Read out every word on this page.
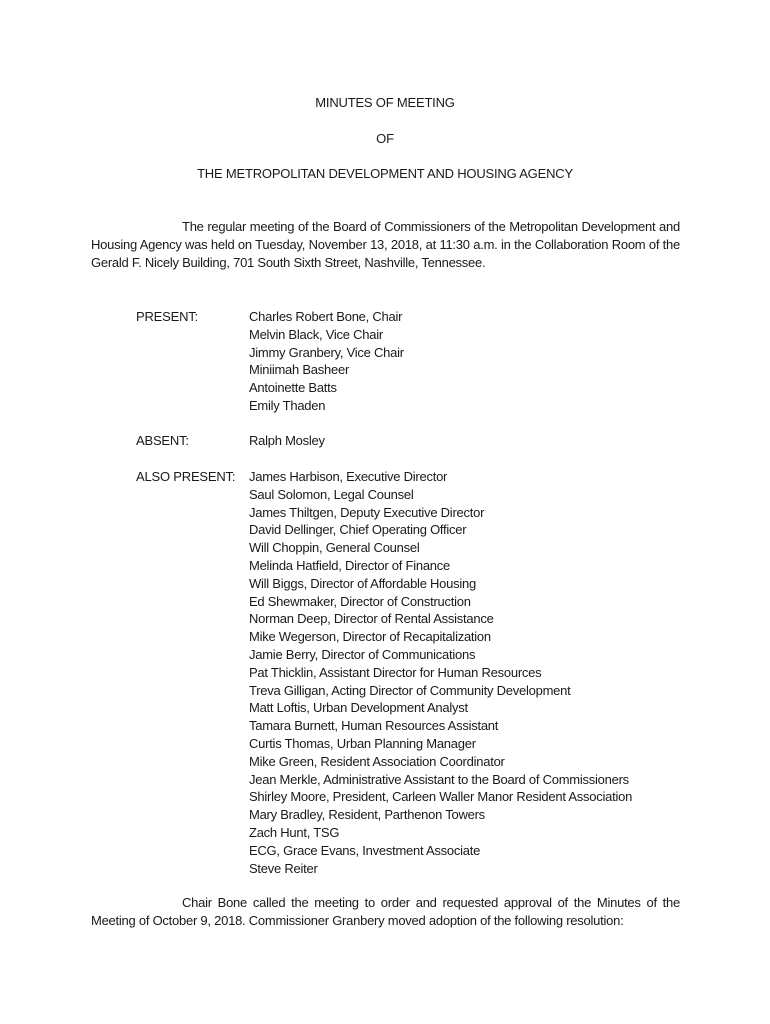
MINUTES OF MEETING
OF
THE METROPOLITAN DEVELOPMENT AND HOUSING AGENCY
The regular meeting of the Board of Commissioners of the Metropolitan Development and Housing Agency was held on Tuesday, November 13, 2018, at 11:30 a.m. in the Collaboration Room of the Gerald F. Nicely Building, 701 South Sixth Street, Nashville, Tennessee.
PRESENT:	Charles Robert Bone, Chair
Melvin Black, Vice Chair
Jimmy Granbery, Vice Chair
Miniimah Basheer
Antoinette Batts
Emily Thaden
ABSENT:	Ralph Mosley
ALSO PRESENT: James Harbison, Executive Director
Saul Solomon, Legal Counsel
James Thiltgen, Deputy Executive Director
David Dellinger, Chief Operating Officer
Will Choppin, General Counsel
Melinda Hatfield, Director of Finance
Will Biggs, Director of Affordable Housing
Ed Shewmaker, Director of Construction
Norman Deep, Director of Rental Assistance
Mike Wegerson, Director of Recapitalization
Jamie Berry, Director of Communications
Pat Thicklin, Assistant Director for Human Resources
Treva Gilligan, Acting Director of Community Development
Matt Loftis, Urban Development Analyst
Tamara Burnett, Human Resources Assistant
Curtis Thomas, Urban Planning Manager
Mike Green, Resident Association Coordinator
Jean Merkle, Administrative Assistant to the Board of Commissioners
Shirley Moore, President, Carleen Waller Manor Resident Association
Mary Bradley, Resident, Parthenon Towers
Zach Hunt, TSG
ECG, Grace Evans, Investment Associate
Steve Reiter
Chair Bone called the meeting to order and requested approval of the Minutes of the Meeting of October 9, 2018. Commissioner Granbery moved adoption of the following resolution:
